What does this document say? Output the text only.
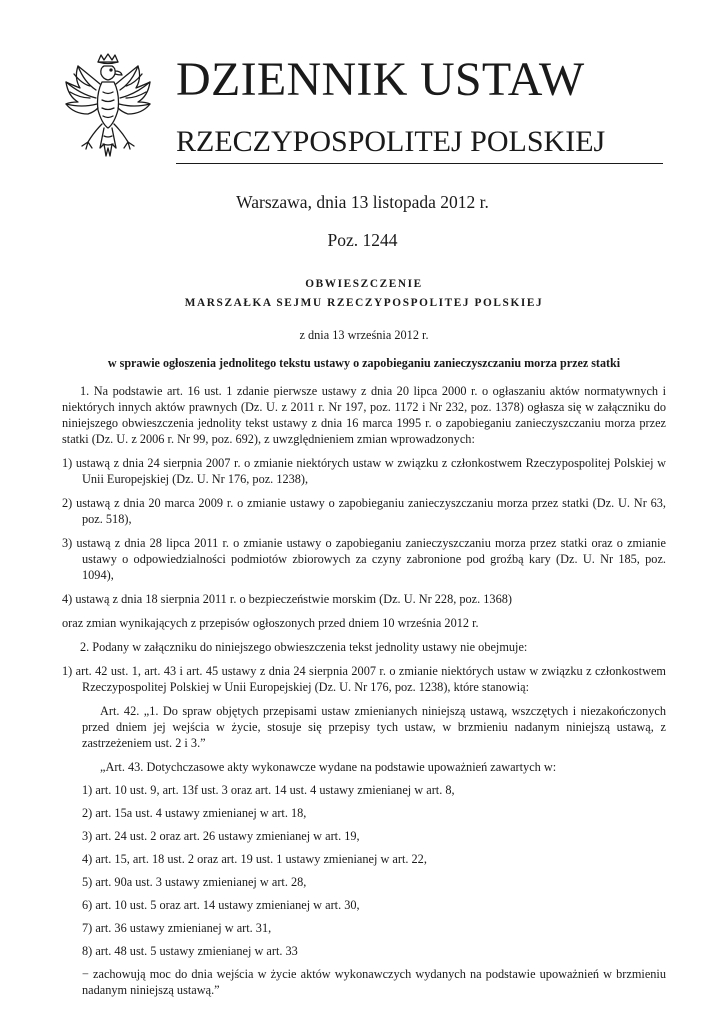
DZIENNIK USTAW
RZECZYPOSPOLITEJ POLSKIEJ
Warszawa, dnia 13 listopada 2012 r.
Poz. 1244

OBWIESZCZENIE

MARSZAŁKA SEJMU RZECZYPOSPOLITEJ POLSKIEJ

z dnia 13 września 2012 r.

w sprawie ogłoszenia jednolitego tekstu ustawy o zapobieganiu zanieczyszczaniu morza przez statki

1. Na podstawie art. 16 ust. 1 zdanie pierwsze ustawy z dnia 20 lipca 2000 r. o ogłaszaniu aktów normatywnych i niektórych innych aktów prawnych (Dz. U. z 2011 r. Nr 197, poz. 1172 i Nr 232, poz. 1378) ogłasza się w załączniku do niniejszego obwieszczenia jednolity tekst ustawy z dnia 16 marca 1995 r. o zapobieganiu zanieczyszczaniu morza przez statki (Dz. U. z 2006 r. Nr 99, poz. 692), z uwzględnieniem zmian wprowadzonych:

1) ustawą z dnia 24 sierpnia 2007 r. o zmianie niektórych ustaw w związku z członkostwem Rzeczypospolitej Polskiej w Unii Europejskiej (Dz. U. Nr 176, poz. 1238),

2) ustawą z dnia 20 marca 2009 r. o zmianie ustawy o zapobieganiu zanieczyszczaniu morza przez statki (Dz. U. Nr 63, poz. 518),

3) ustawą z dnia 28 lipca 2011 r. o zmianie ustawy o zapobieganiu zanieczyszczaniu morza przez statki oraz o zmianie ustawy o odpowiedzialności podmiotów zbiorowych za czyny zabronione pod groźbą kary (Dz. U. Nr 185, poz. 1094),

4) ustawą z dnia 18 sierpnia 2011 r. o bezpieczeństwie morskim (Dz. U. Nr 228, poz. 1368)

oraz zmian wynikających z przepisów ogłoszonych przed dniem 10 września 2012 r.

2. Podany w załączniku do niniejszego obwieszczenia tekst jednolity ustawy nie obejmuje:

1) art. 42 ust. 1, art. 43 i art. 45 ustawy z dnia 24 sierpnia 2007 r. o zmianie niektórych ustaw w związku z członkostwem Rzeczypospolitej Polskiej w Unii Europejskiej (Dz. U. Nr 176, poz. 1238), które stanowią:

Art. 42. „1. Do spraw objętych przepisami ustaw zmienianych niniejszą ustawą, wszczętych i niezakończonych przed dniem jej wejścia w życie, stosuje się przepisy tych ustaw, w brzmieniu nadanym niniejszą ustawą, z zastrzeżeniem ust. 2 i 3.”

„Art. 43. Dotychczasowe akty wykonawcze wydane na podstawie upoważnień zawartych w:

1) art. 10 ust. 9, art. 13f ust. 3 oraz art. 14 ust. 4 ustawy zmienianej w art. 8,

2) art. 15a ust. 4 ustawy zmienianej w art. 18,

3) art. 24 ust. 2 oraz art. 26 ustawy zmienianej w art. 19,

4) art. 15, art. 18 ust. 2 oraz art. 19 ust. 1 ustawy zmienianej w art. 22,

5) art. 90a ust. 3 ustawy zmienianej w art. 28,

6) art. 10 ust. 5 oraz art. 14 ustawy zmienianej w art. 30,

7) art. 36 ustawy zmienianej w art. 31,

8) art. 48 ust. 5 ustawy zmienianej w art. 33

− zachowują moc do dnia wejścia w życie aktów wykonawczych wydanych na podstawie upoważnień w brzmieniu nadanym niniejszą ustawą.”
